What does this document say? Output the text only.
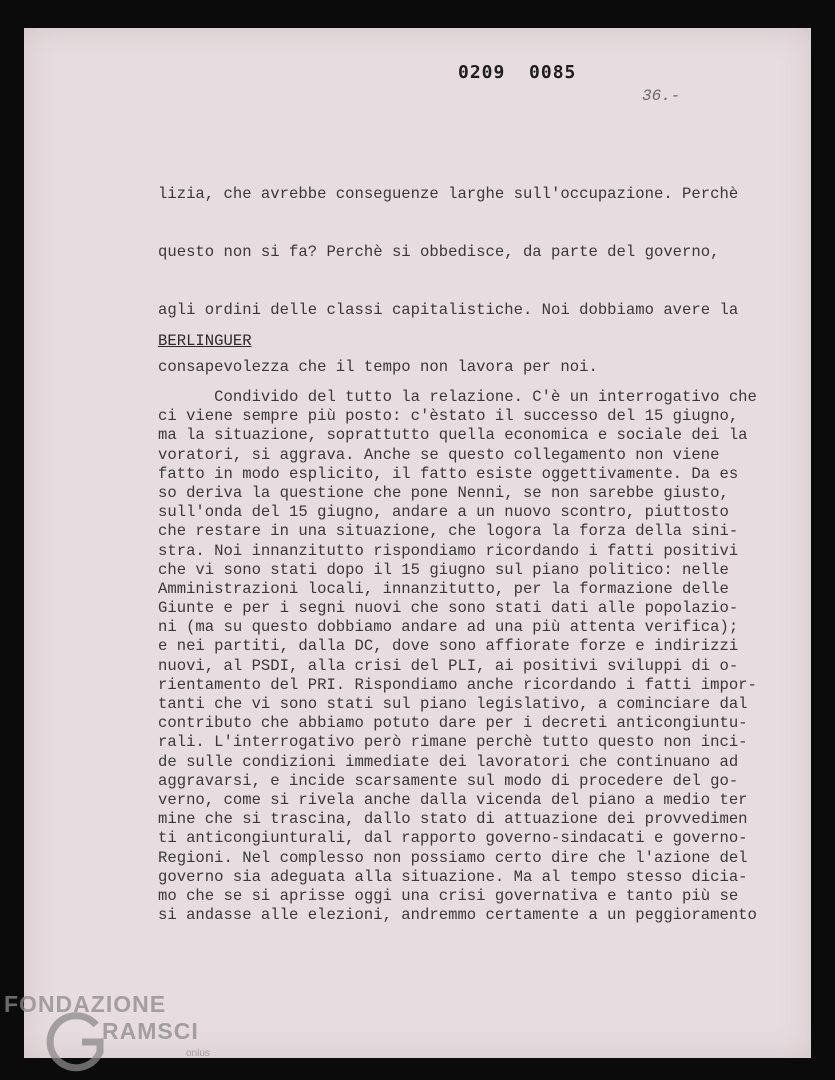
0209  0085
36.-

lizia, che avrebbe conseguenze larghe sull'occupazione. Perchè

questo non si fa? Perchè si obbedisce, da parte del governo,

agli ordini delle classi capitalistiche. Noi dobbiamo avere la

consapevolezza che il tempo non lavora per noi.

BERLINGUER
Condivido del tutto la relazione. C'è un interrogativo che
ci viene sempre più posto: c'èstato il successo del 15 giugno,
ma la situazione, soprattutto quella economica e sociale dei la
voratori, si aggrava. Anche se questo collegamento non viene
fatto in modo esplicito, il fatto esiste oggettivamente. Da es
so deriva la questione che pone Nenni, se non sarebbe giusto,
sull'onda del 15 giugno, andare a un nuovo scontro, piuttosto
che restare in una situazione, che logora la forza della sini-
stra. Noi innanzitutto rispondiamo ricordando i fatti positivi
che vi sono stati dopo il 15 giugno sul piano politico: nelle
Amministrazioni locali, innanzitutto, per la formazione delle
Giunte e per i segni nuovi che sono stati dati alle popolazio-
ni (ma su questo dobbiamo andare ad una più attenta verifica);
e nei partiti, dalla DC, dove sono affiorate forze e indirizzi
nuovi, al PSDI, alla crisi del PLI, ai positivi sviluppi di o-
rientamento del PRI. Rispondiamo anche ricordando i fatti impor-
tanti che vi sono stati sul piano legislativo, a cominciare dal
contributo che abbiamo potuto dare per i decreti anticongiuntu-
rali. L'interrogativo però rimane perchè tutto questo non inci-
de sulle condizioni immediate dei lavoratori che continuano ad
aggravarsi, e incide scarsamente sul modo di procedere del go-
verno, come si rivela anche dalla vicenda del piano a medio ter
mine che si trascina, dallo stato di attuazione dei provvedimen
ti anticongiunturali, dal rapporto governo-sindacati e governo-
Regioni. Nel complesso non possiamo certo dire che l'azione del
governo sia adeguata alla situazione. Ma al tempo stesso dicia-
mo che se si aprisse oggi una crisi governativa e tanto più se
si andasse alle elezioni, andremmo certamente a un peggioramento
FONDAZIONE
RAMSCI
onlus
